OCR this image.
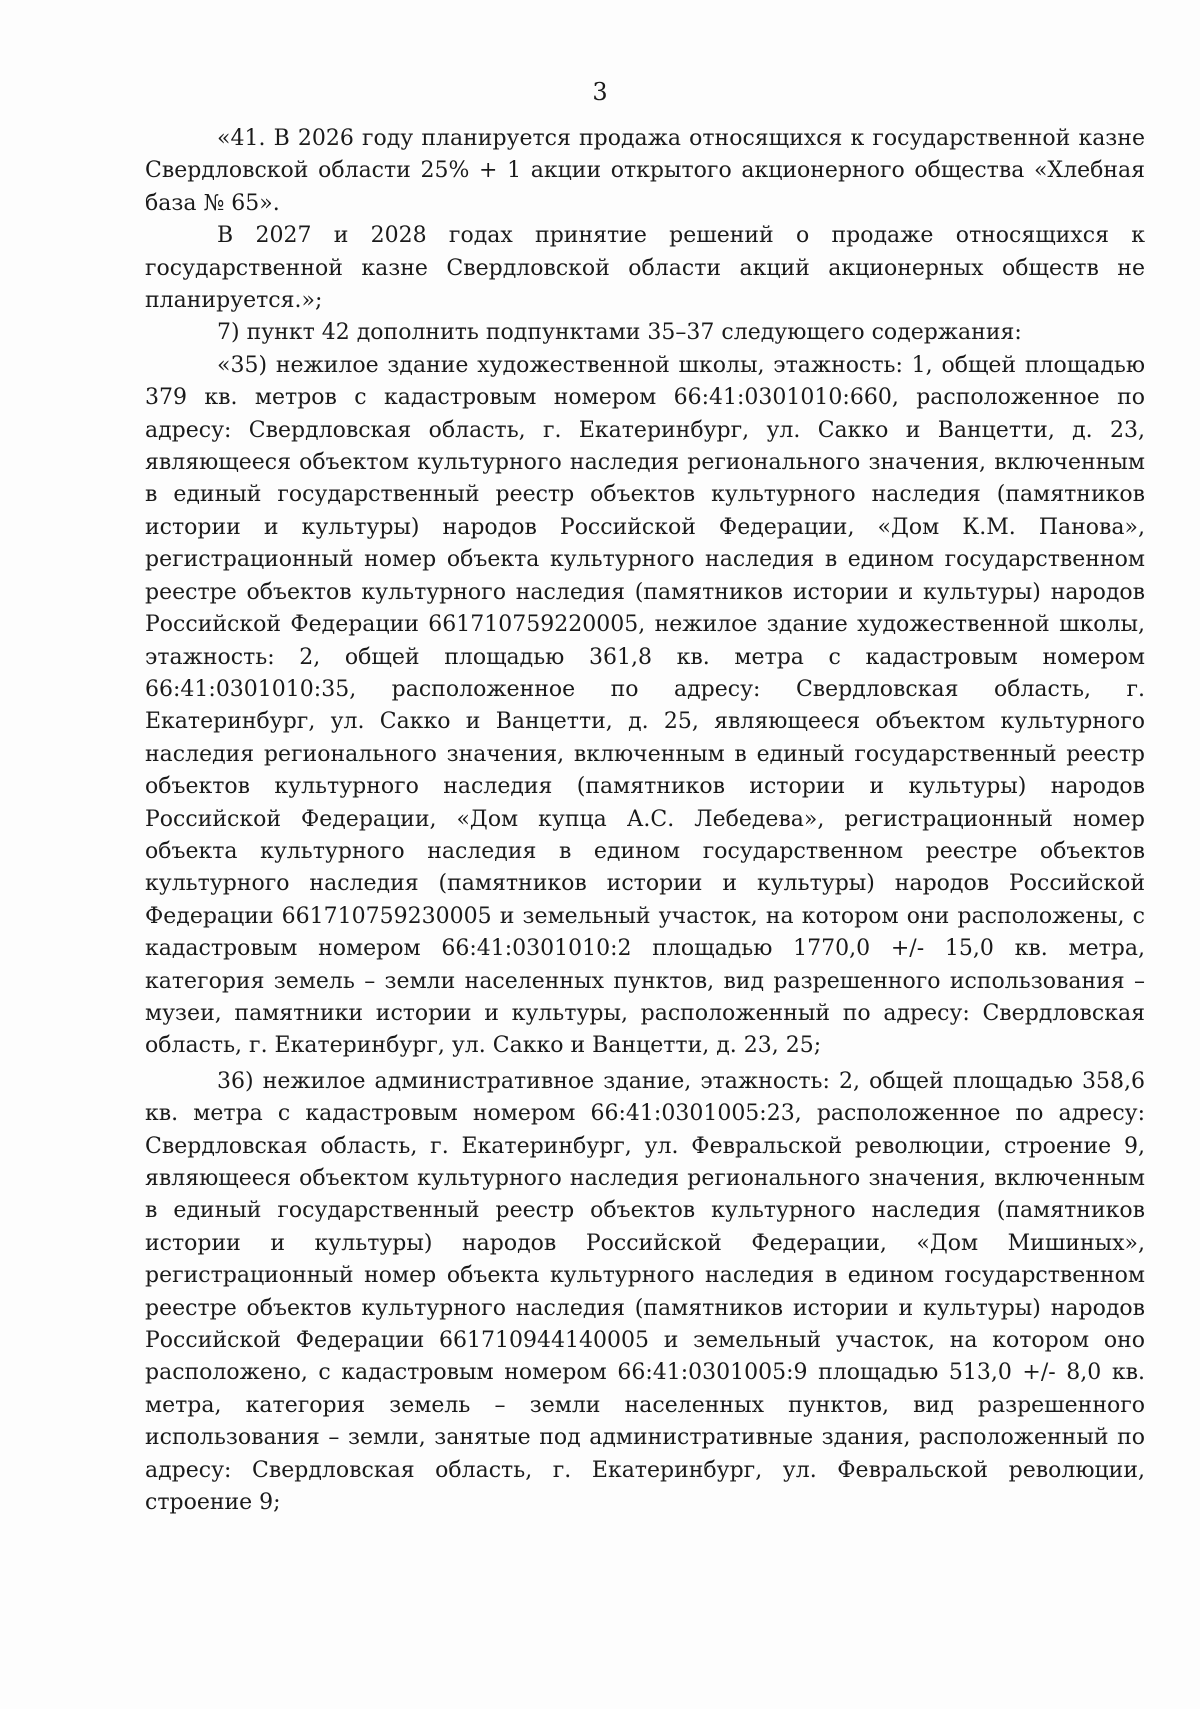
3

«41. В 2026 году планируется продажа относящихся к государственной казне Свердловской области 25% + 1 акции открытого акционерного общества «Хлебная база № 65».

В 2027 и 2028 годах принятие решений о продаже относящихся к государственной казне Свердловской области акций акционерных обществ не планируется.»;

7) пункт 42 дополнить подпунктами 35–37 следующего содержания:

«35) нежилое здание художественной школы, этажность: 1, общей площадью 379 кв. метров с кадастровым номером 66:41:0301010:660, расположенное по адресу: Свердловская область, г. Екатеринбург, ул. Сакко и Ванцетти, д. 23, являющееся объектом культурного наследия регионального значения, включенным в единый государственный реестр объектов культурного наследия (памятников истории и культуры) народов Российской Федерации, «Дом К.М. Панова», регистрационный номер объекта культурного наследия в едином государственном реестре объектов культурного наследия (памятников истории и культуры) народов Российской Федерации 661710759220005, нежилое здание художественной школы, этажность: 2, общей площадью 361,8 кв. метра с кадастровым номером 66:41:0301010:35, расположенное по адресу: Свердловская область, г. Екатеринбург, ул. Сакко и Ванцетти, д. 25, являющееся объектом культурного наследия регионального значения, включенным в единый государственный реестр объектов культурного наследия (памятников истории и культуры) народов Российской Федерации, «Дом купца А.С. Лебедева», регистрационный номер объекта культурного наследия в едином государственном реестре объектов культурного наследия (памятников истории и культуры) народов Российской Федерации 661710759230005 и земельный участок, на котором они расположены, с кадастровым номером 66:41:0301010:2 площадью 1770,0 +/- 15,0 кв. метра, категория земель – земли населенных пунктов, вид разрешенного использования – музеи, памятники истории и культуры, расположенный по адресу: Свердловская область, г. Екатеринбург, ул. Сакко и Ванцетти, д. 23, 25;

36) нежилое административное здание, этажность: 2, общей площадью 358,6 кв. метра с кадастровым номером 66:41:0301005:23, расположенное по адресу: Свердловская область, г. Екатеринбург, ул. Февральской революции, строение 9, являющееся объектом культурного наследия регионального значения, включенным в единый государственный реестр объектов культурного наследия (памятников истории и культуры) народов Российской Федерации, «Дом Мишиных», регистрационный номер объекта культурного наследия в едином государственном реестре объектов культурного наследия (памятников истории и культуры) народов Российской Федерации 661710944140005 и земельный участок, на котором оно расположено, с кадастровым номером 66:41:0301005:9 площадью 513,0 +/- 8,0 кв. метра, категория земель – земли населенных пунктов, вид разрешенного использования – земли, занятые под административные здания, расположенный по адресу: Свердловская область, г. Екатеринбург, ул. Февральской революции, строение 9;
